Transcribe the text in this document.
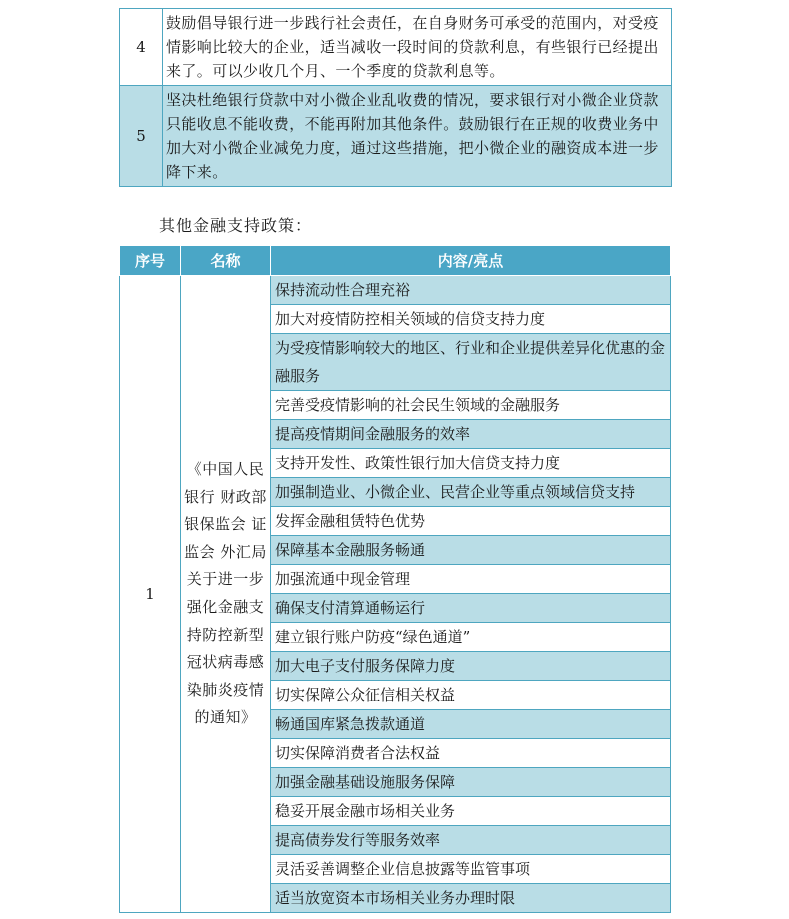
4	鼓励倡导银行进一步践行社会责任，在自身财务可承受的范围内，对受疫情影响比较大的企业，适当减收一段时间的贷款利息，有些银行已经提出来了。可以少收几个月、一个季度的贷款利息等。
5	坚决杜绝银行贷款中对小微企业乱收费的情况，要求银行对小微企业贷款只能收息不能收费，不能再附加其他条件。鼓励银行在正规的收费业务中加大对小微企业减免力度，通过这些措施，把小微企业的融资成本进一步降下来。
其他金融支持政策：
序号	名称	内容/亮点
1	《中国人民银行 财政部 银保监会 证监会 外汇局关于进一步强化金融支持防控新型冠状病毒感染肺炎疫情的通知》	保持流动性合理充裕
		加大对疫情防控相关领域的信贷支持力度
		为受疫情影响较大的地区、行业和企业提供差异化优惠的金融服务
		完善受疫情影响的社会民生领域的金融服务
		提高疫情期间金融服务的效率
		支持开发性、政策性银行加大信贷支持力度
		加强制造业、小微企业、民营企业等重点领域信贷支持
		发挥金融租赁特色优势
		保障基本金融服务畅通
		加强流通中现金管理
		确保支付清算通畅运行
		建立银行账户防疫“绿色通道”
		加大电子支付服务保障力度
		切实保障公众征信相关权益
		畅通国库紧急拨款通道
		切实保障消费者合法权益
		加强金融基础设施服务保障
		稳妥开展金融市场相关业务
		提高债券发行等服务效率
		灵活妥善调整企业信息披露等监管事项
		适当放宽资本市场相关业务办理时限
